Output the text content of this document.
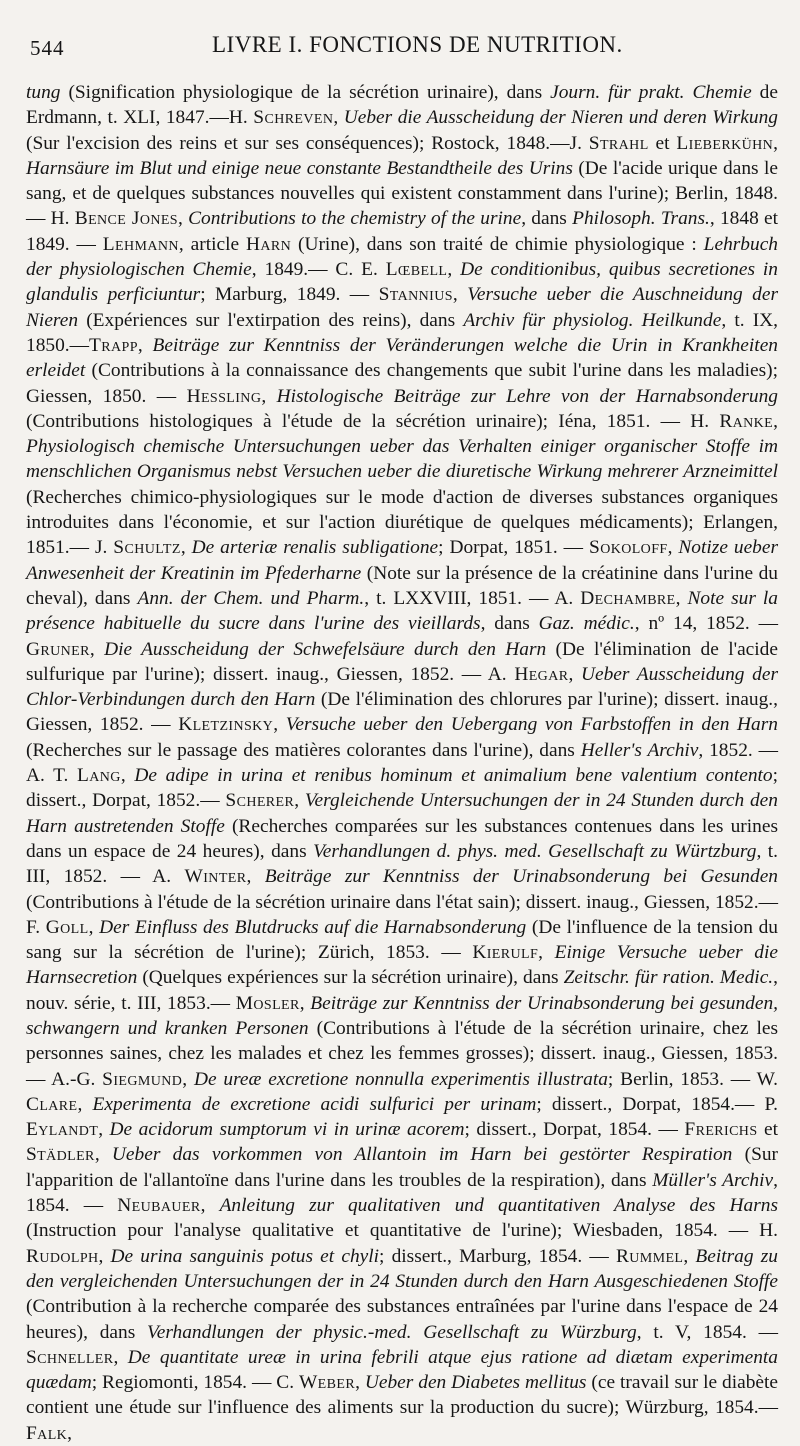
544	LIVRE I. FONCTIONS DE NUTRITION.

tung (Signification physiologique de la sécrétion urinaire), dans Journ. für prakt. Chemie de Erdmann, t. XLI, 1847.—H. Schreven, Ueber die Ausscheidung der Nieren und deren Wirkung (Sur l'excision des reins et sur ses conséquences); Rostock, 1848.—J. Strahl et Lieberkühn, Harnsäure im Blut und einige neue constante Bestandtheile des Urins (De l'acide urique dans le sang, et de quelques substances nouvelles qui existent constamment dans l'urine); Berlin, 1848.— H. Bence Jones, Contributions to the chemistry of the urine, dans Philosoph. Trans., 1848 et 1849. — Lehmann, article Harn (Urine), dans son traité de chimie physiologique : Lehrbuch der physiologischen Chemie, 1849.— C. E. Lœbell, De conditionibus, quibus secretiones in glandulis perficiuntur; Marburg, 1849. — Stannius, Versuche ueber die Auschneidung der Nieren (Expériences sur l'extirpation des reins), dans Archiv für physiolog. Heilkunde, t. IX, 1850.—Trapp, Beiträge zur Kenntniss der Veränderungen welche die Urin in Krankheiten erleidet (Contributions à la connaissance des changements que subit l'urine dans les maladies); Giessen, 1850. — Hessling, Histologische Beiträge zur Lehre von der Harnabsonderung (Contributions histologiques à l'étude de la sécrétion urinaire); Iéna, 1851. — H. Ranke, Physiologisch chemische Untersuchungen ueber das Verhalten einiger organischer Stoffe im menschlichen Organismus nebst Versuchen ueber die diuretische Wirkung mehrerer Arzneimittel (Recherches chimico-physiologiques sur le mode d'action de diverses substances organiques introduites dans l'économie, et sur l'action diurétique de quelques médicaments); Erlangen, 1851.— J. Schultz, De arteriæ renalis subligatione; Dorpat, 1851. — Sokoloff, Notize ueber Anwesenheit der Kreatinin im Pfederharne (Note sur la présence de la créatinine dans l'urine du cheval), dans Ann. der Chem. und Pharm., t. LXXVIII, 1851. — A. Dechambre, Note sur la présence habituelle du sucre dans l'urine des vieillards, dans Gaz. médic., nº 14, 1852. — Gruner, Die Ausscheidung der Schwefelsäure durch den Harn (De l'élimination de l'acide sulfurique par l'urine); dissert. inaug., Giessen, 1852. — A. Hegar, Ueber Ausscheidung der Chlor-Verbindungen durch den Harn (De l'élimination des chlorures par l'urine); dissert. inaug., Giessen, 1852. — Kletzinsky, Versuche ueber den Uebergang von Farbstoffen in den Harn (Recherches sur le passage des matières colorantes dans l'urine), dans Heller's Archiv, 1852. — A. T. Lang, De adipe in urina et renibus hominum et animalium bene valentium contento; dissert., Dorpat, 1852.— Scherer, Vergleichende Untersuchungen der in 24 Stunden durch den Harn austretenden Stoffe (Recherches comparées sur les substances contenues dans les urines dans un espace de 24 heures), dans Verhandlungen d. phys. med. Gesellschaft zu Würtzburg, t. III, 1852. — A. Winter, Beiträge zur Kenntniss der Urinabsonderung bei Gesunden (Contributions à l'étude de la sécrétion urinaire dans l'état sain); dissert. inaug., Giessen, 1852.— F. Goll, Der Einfluss des Blutdrucks auf die Harnabsonderung (De l'influence de la tension du sang sur la sécrétion de l'urine); Zürich, 1853. — Kierulf, Einige Versuche ueber die Harnsecretion (Quelques expériences sur la sécrétion urinaire), dans Zeitschr. für ration. Medic., nouv. série, t. III, 1853.— Mosler, Beiträge zur Kenntniss der Urinabsonderung bei gesunden, schwangern und kranken Personen (Contributions à l'étude de la sécrétion urinaire, chez les personnes saines, chez les malades et chez les femmes grosses); dissert. inaug., Giessen, 1853. — A.-G. Siegmund, De ureæ excretione nonnulla experimentis illustrata; Berlin, 1853. — W. Clare, Experimenta de excretione acidi sulfurici per urinam; dissert., Dorpat, 1854.— P. Eylandt, De acidorum sumptorum vi in urinæ acorem; dissert., Dorpat, 1854. — Frerichs et Städler, Ueber das vorkommen von Allantoin im Harn bei gestörter Respiration (Sur l'apparition de l'allantoïne dans l'urine dans les troubles de la respiration), dans Müller's Archiv, 1854. — Neubauer, Anleitung zur qualitativen und quantitativen Analyse des Harns (Instruction pour l'analyse qualitative et quantitative de l'urine); Wiesbaden, 1854. — H. Rudolph, De urina sanguinis potus et chyli; dissert., Marburg, 1854. — Rummel, Beitrag zu den vergleichenden Untersuchungen der in 24 Stunden durch den Harn Ausgeschiedenen Stoffe (Contribution à la recherche comparée des substances entraînées par l'urine dans l'espace de 24 heures), dans Verhandlungen der physic.-med. Gesellschaft zu Würzburg, t. V, 1854. — Schneller, De quantitate ureæ in urina febrili atque ejus ratione ad diætam experimenta quædam; Regiomonti, 1854. — C. Weber, Ueber den Diabetes mellitus (ce travail sur le diabète contient une étude sur l'influence des aliments sur la production du sucre); Würzburg, 1854.— Falk,
